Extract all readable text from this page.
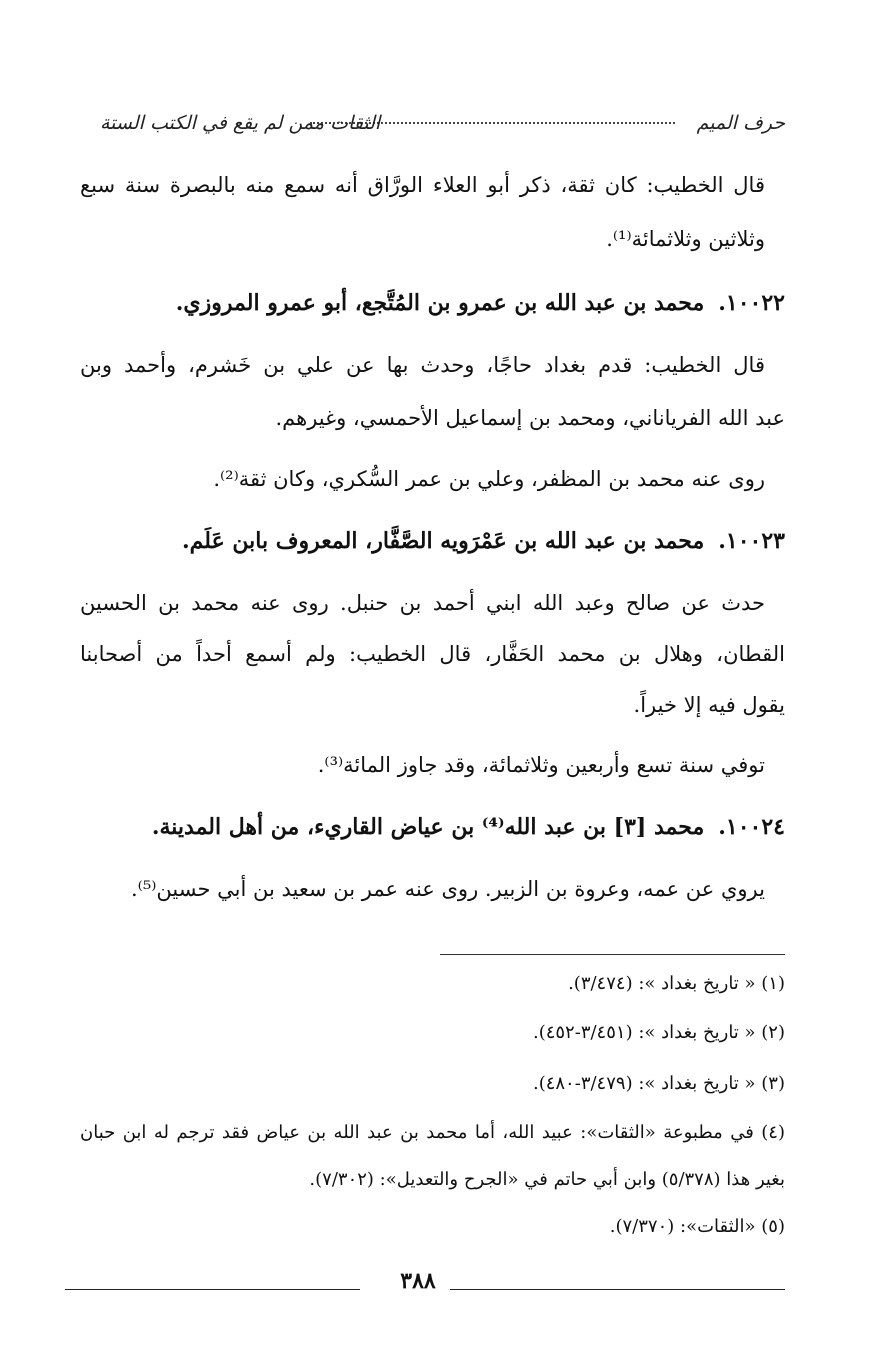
حرف الميم
الثقات ممن لم يقع في الكتب الستة
قال الخطيب: كان ثقة، ذكر أبو العلاء الورَّاق أنه سمع منه بالبصرة سنة سبع
وثلاثين وثلاثمائة⁽¹⁾.
١٠٠٢٢.محمد بن عبد الله بن عمرو بن المُتَّجع، أبو عمرو المروزي.
قال الخطيب: قدم بغداد حاجًا، وحدث بها عن علي بن خَشرم، وأحمد وبن
عبد الله الفرياناني، ومحمد بن إسماعيل الأحمسي، وغيرهم.
روى عنه محمد بن المظفر، وعلي بن عمر السُّكري، وكان ثقة⁽²⁾.
١٠٠٢٣.محمد بن عبد الله بن عَمْرَويه الصَّفَّار، المعروف بابن عَلَم.
حدث عن صالح وعبد الله ابني أحمد بن حنبل. روى عنه محمد بن الحسين
القطان، وهلال بن محمد الحَفَّار، قال الخطيب: ولم أسمع أحداً من أصحابنا
يقول فيه إلا خيراً.
توفي سنة تسع وأربعين وثلاثمائة، وقد جاوز المائة⁽³⁾.
١٠٠٢٤.محمد [٣] بن عبد الله⁽⁴⁾ بن عياض القاريء، من أهل المدينة.
يروي عن عمه، وعروة بن الزبير. روى عنه عمر بن سعيد بن أبي حسين⁽⁵⁾.
(١) « تاريخ بغداد »: (٣/٤٧٤).
(٢) « تاريخ بغداد »: (٣/٤٥١-٤٥٢).
(٣) « تاريخ بغداد »: (٣/٤٧٩-٤٨٠).
(٤) في مطبوعة «الثقات»: عبيد الله، أما محمد بن عبد الله بن عياض فقد ترجم له ابن حبان
بغير هذا (٥/٣٧٨) وابن أبي حاتم في «الجرح والتعديل»: (٧/٣٠٢).
(٥) «الثقات»: (٧/٣٧٠).
٣٨٨
